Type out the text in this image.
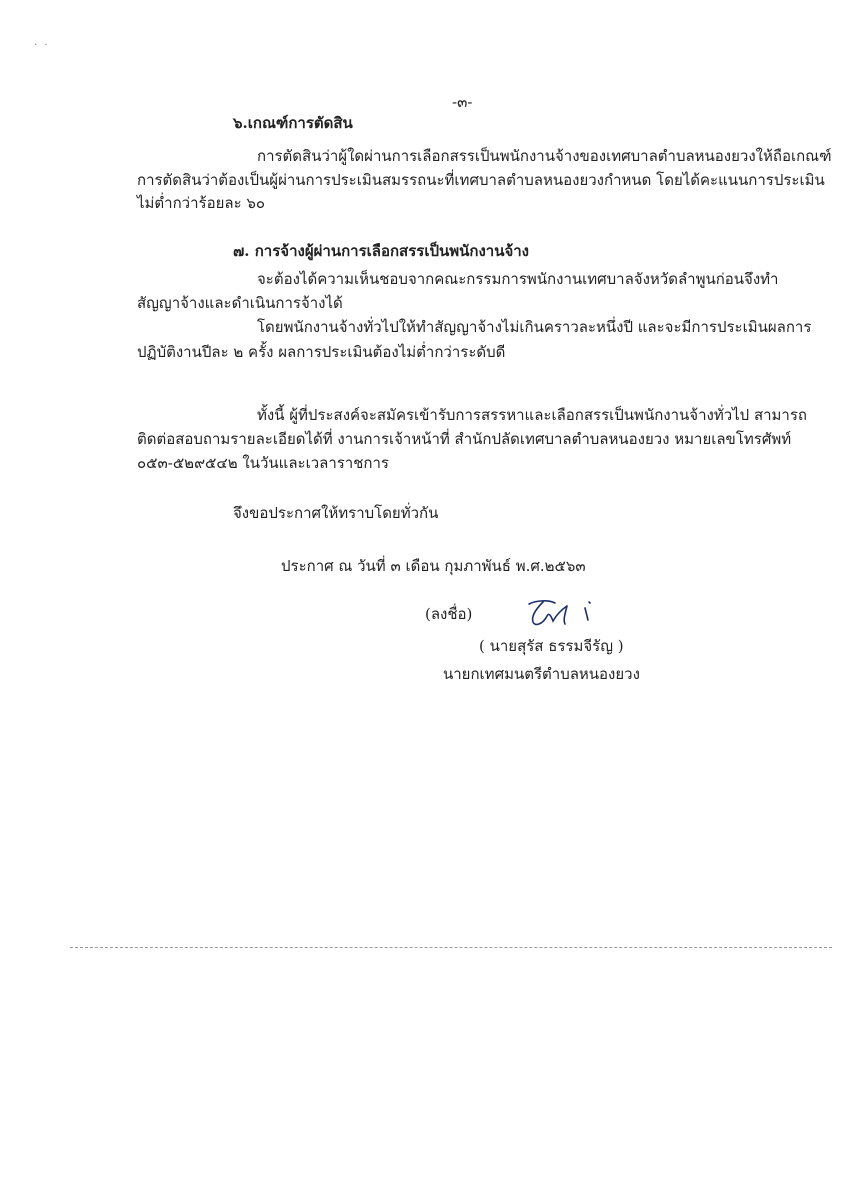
· ·
-๓-
๖.เกณฑ์การตัดสิน
การตัดสินว่าผู้ใดผ่านการเลือกสรรเป็นพนักงานจ้างของเทศบาลตำบลหนองยวงให้ถือเกณฑ์
การตัดสินว่าต้องเป็นผู้ผ่านการประเมินสมรรถนะที่เทศบาลตำบลหนองยวงกำหนด โดยได้คะแนนการประเมิน
ไม่ต่ำกว่าร้อยละ ๖๐
๗. การจ้างผู้ผ่านการเลือกสรรเป็นพนักงานจ้าง
จะต้องได้ความเห็นชอบจากคณะกรรมการพนักงานเทศบาลจังหวัดลำพูนก่อนจึงทำ
สัญญาจ้างและดำเนินการจ้างได้
โดยพนักงานจ้างทั่วไปให้ทำสัญญาจ้างไม่เกินคราวละหนึ่งปี และจะมีการประเมินผลการ
ปฏิบัติงานปีละ ๒ ครั้ง ผลการประเมินต้องไม่ต่ำกว่าระดับดี
ทั้งนี้ ผู้ที่ประสงค์จะสมัครเข้ารับการสรรหาและเลือกสรรเป็นพนักงานจ้างทั่วไป สามารถ
ติดต่อสอบถามรายละเอียดได้ที่ งานการเจ้าหน้าที่ สำนักปลัดเทศบาลตำบลหนองยวง หมายเลขโทรศัพท์
๐๕๓-๕๒๙๕๔๒ ในวันและเวลาราชการ
จึงขอประกาศให้ทราบโดยทั่วกัน
ประกาศ ณ วันที่ ๓ เดือน กุมภาพันธ์ พ.ศ.๒๕๖๓
(ลงชื่อ)
( นายสุรัส ธรรมจีรัญ )
นายกเทศมนตรีตำบลหนองยวง
